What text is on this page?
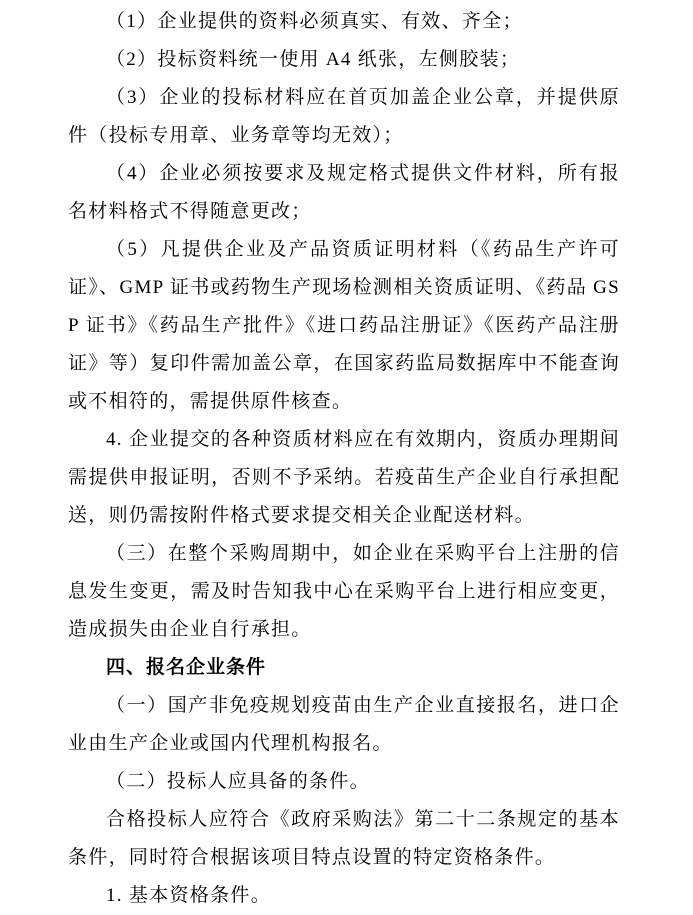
（1）企业提供的资料必须真实、有效、齐全；

（2）投标资料统一使用 A4 纸张，左侧胶装；

（3）企业的投标材料应在首页加盖企业公章，并提供原件（投标专用章、业务章等均无效）；

（4）企业必须按要求及规定格式提供文件材料，所有报名材料格式不得随意更改；

（5）凡提供企业及产品资质证明材料（《药品生产许可证》、GMP 证书或药物生产现场检测相关资质证明、《药品 GSP 证书》《药品生产批件》《进口药品注册证》《医药产品注册证》等）复印件需加盖公章，在国家药监局数据库中不能查询或不相符的，需提供原件核查。

4. 企业提交的各种资质材料应在有效期内，资质办理期间需提供申报证明，否则不予采纳。若疫苗生产企业自行承担配送，则仍需按附件格式要求提交相关企业配送材料。

（三）在整个采购周期中，如企业在采购平台上注册的信息发生变更，需及时告知我中心在采购平台上进行相应变更，造成损失由企业自行承担。

四、报名企业条件

（一）国产非免疫规划疫苗由生产企业直接报名，进口企业由生产企业或国内代理机构报名。

（二）投标人应具备的条件。

合格投标人应符合《政府采购法》第二十二条规定的基本条件，同时符合根据该项目特点设置的特定资格条件。

1. 基本资格条件。
